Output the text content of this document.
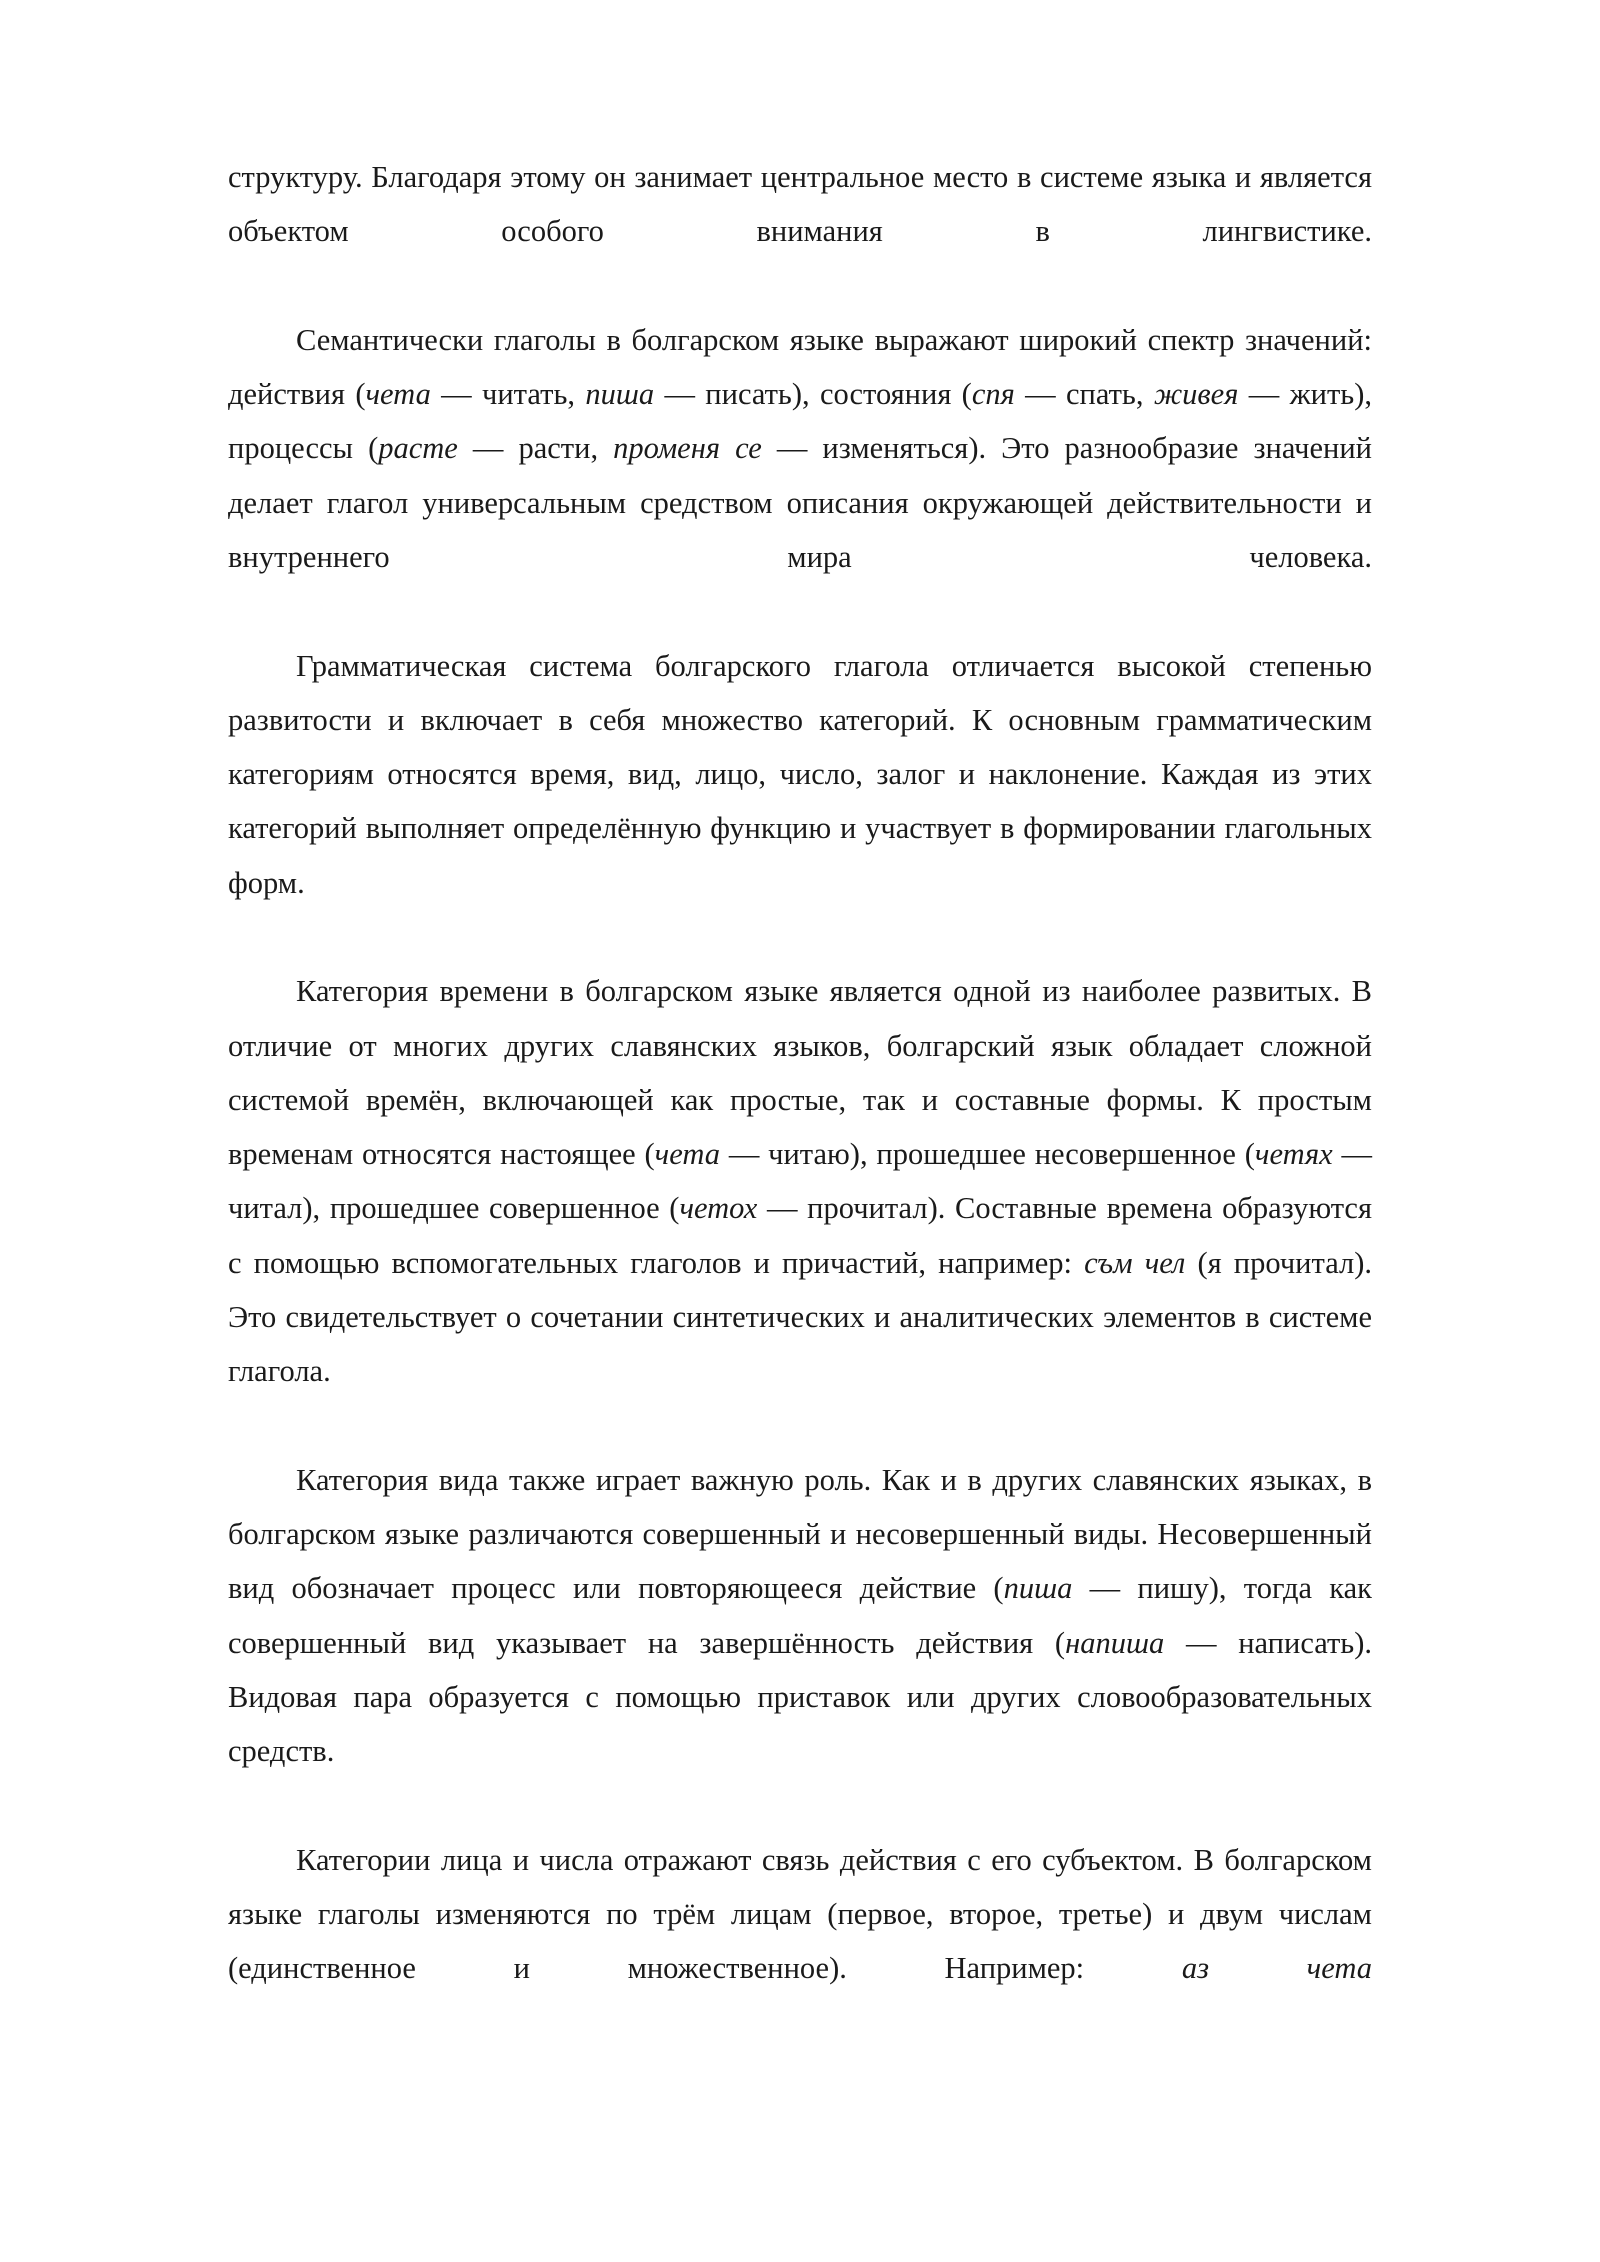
структуру. Благодаря этому он занимает центральное место в системе языка и является объектом особого внимания в лингвистике.

Семантически глаголы в болгарском языке выражают широкий спектр значений: действия (чета — читать, пиша — писать), состояния (спя — спать, живея — жить), процессы (расте — расти, променя се — изменяться). Это разнообразие значений делает глагол универсальным средством описания окружающей действительности и внутреннего мира человека.

Грамматическая система болгарского глагола отличается высокой степенью развитости и включает в себя множество категорий. К основным грамматическим категориям относятся время, вид, лицо, число, залог и наклонение. Каждая из этих категорий выполняет определённую функцию и участвует в формировании глагольных форм.

Категория времени в болгарском языке является одной из наиболее развитых. В отличие от многих других славянских языков, болгарский язык обладает сложной системой времён, включающей как простые, так и составные формы. К простым временам относятся настоящее (чета — читаю), прошедшее несовершенное (четях — читал), прошедшее совершенное (четох — прочитал). Составные времена образуются с помощью вспомогательных глаголов и причастий, например: съм чел (я прочитал). Это свидетельствует о сочетании синтетических и аналитических элементов в системе глагола.

Категория вида также играет важную роль. Как и в других славянских языках, в болгарском языке различаются совершенный и несовершенный виды. Несовершенный вид обозначает процесс или повторяющееся действие (пиша — пишу), тогда как совершенный вид указывает на завершённость действия (напиша — написать). Видовая пара образуется с помощью приставок или других словообразовательных средств.

Категории лица и числа отражают связь действия с его субъектом. В болгарском языке глаголы изменяются по трём лицам (первое, второе, третье) и двум числам (единственное и множественное). Например: аз чета
